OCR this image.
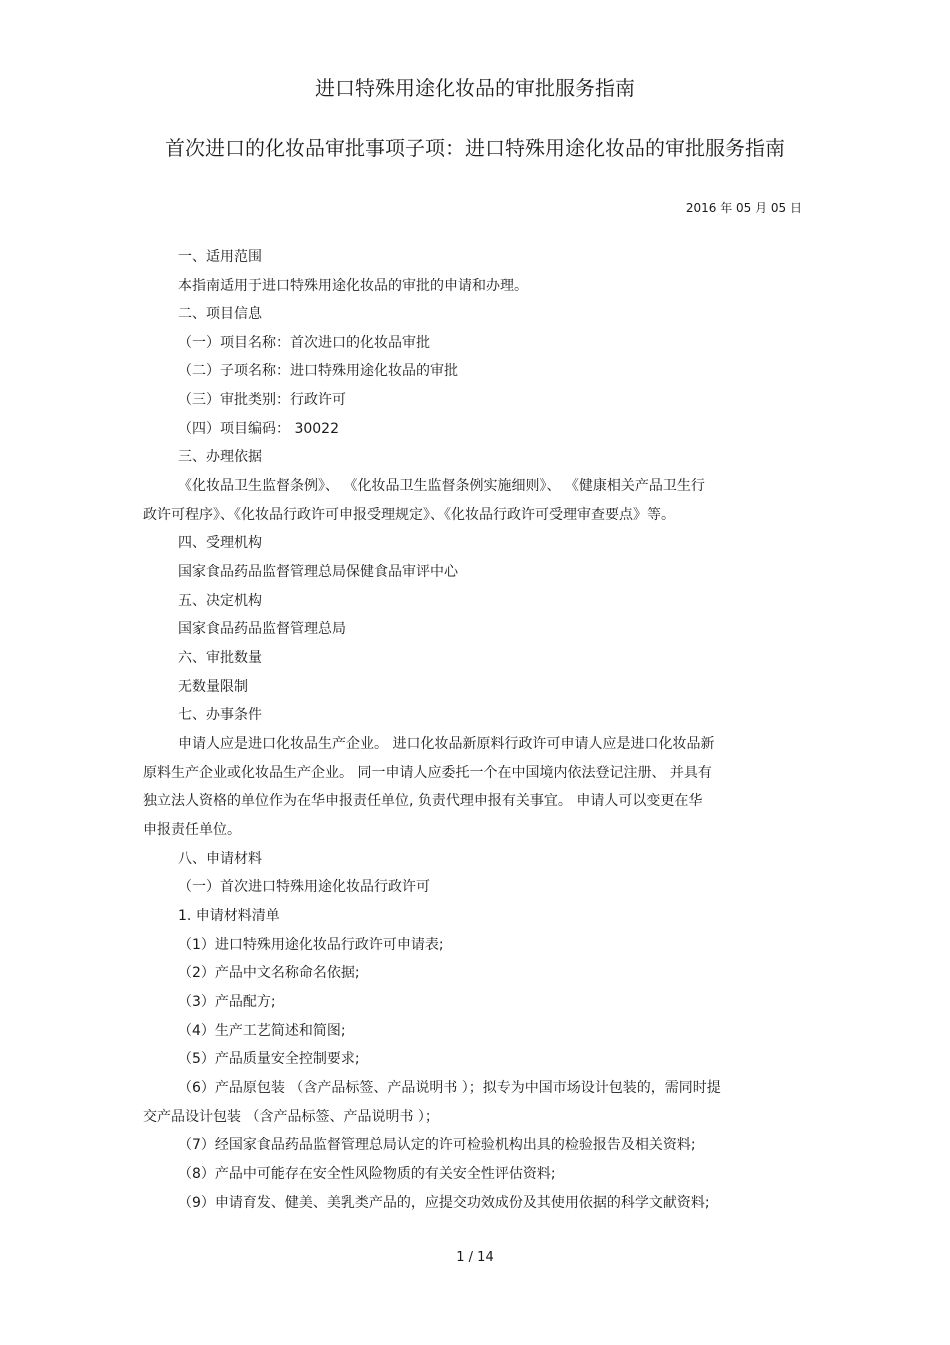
进口特殊用途化妆品的审批服务指南
首次进口的化妆品审批事项子项：进口特殊用途化妆品的审批服务指南
2016 年 05 月 05 日
一、适用范围
本指南适用于进口特殊用途化妆品的审批的申请和办理。
二、项目信息
（一）项目名称：首次进口的化妆品审批
（二）子项名称：进口特殊用途化妆品的审批
（三）审批类别：行政许可
（四）项目编码： 30022
三、办理依据
《化妆品卫生监督条例》、 《化妆品卫生监督条例实施细则》、 《健康相关产品卫生行
政许可程序》、《化妆品行政许可申报受理规定》、《化妆品行政许可受理审查要点》等。
四、受理机构
国家食品药品监督管理总局保健食品审评中心
五、决定机构
国家食品药品监督管理总局
六、审批数量
无数量限制
七、办事条件
申请人应是进口化妆品生产企业。 进口化妆品新原料行政许可申请人应是进口化妆品新
原料生产企业或化妆品生产企业。 同一申请人应委托一个在中国境内依法登记注册、 并具有
独立法人资格的单位作为在华申报责任单位, 负责代理申报有关事宜。 申请人可以变更在华
申报责任单位。
八、申请材料
（一）首次进口特殊用途化妆品行政许可
1. 申请材料清单
（1）进口特殊用途化妆品行政许可申请表;
（2）产品中文名称命名依据;
（3）产品配方;
（4）生产工艺简述和简图;
（5）产品质量安全控制要求;
（6）产品原包装 （含产品标签、产品说明书 ）；拟专为中国市场设计包装的，需同时提
交产品设计包装 （含产品标签、产品说明书 ）；
（7）经国家食品药品监督管理总局认定的许可检验机构出具的检验报告及相关资料;
（8）产品中可能存在安全性风险物质的有关安全性评估资料;
（9）申请育发、健美、美乳类产品的，应提交功效成份及其使用依据的科学文献资料;
1 / 14
